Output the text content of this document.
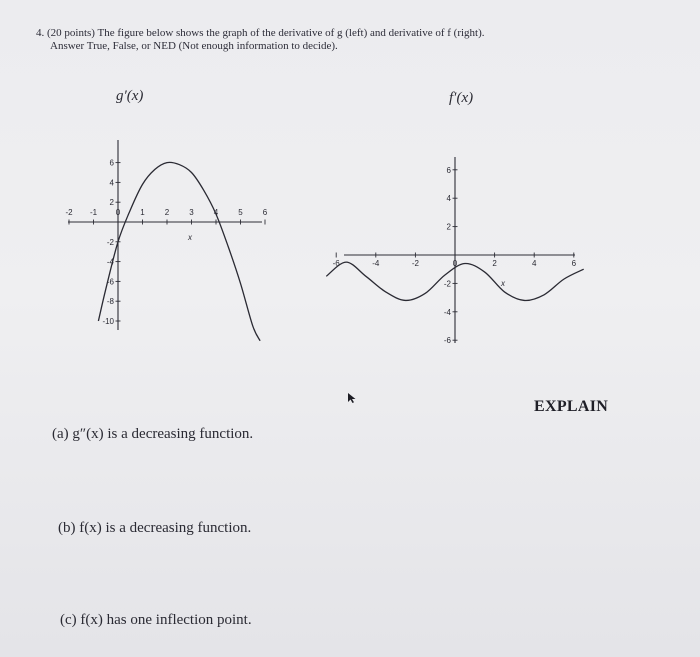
4. (20 points) The figure below shows the graph of the derivative of g (left) and derivative of f (right).
Answer True, False, or NED (Not enough information to decide).
g′(x)	f′(x)
-2 -1 0	1	2	3	4	5	6
6
4
2
-2
-4
-6
-8
-10
x
-6	-4	-2	0	2	4	6
6
4
2
-2
-4
-6
x
EXPLAIN
(a) g″(x) is a decreasing function.
(b) f(x) is a decreasing function.
(c) f(x) has one inflection point.
